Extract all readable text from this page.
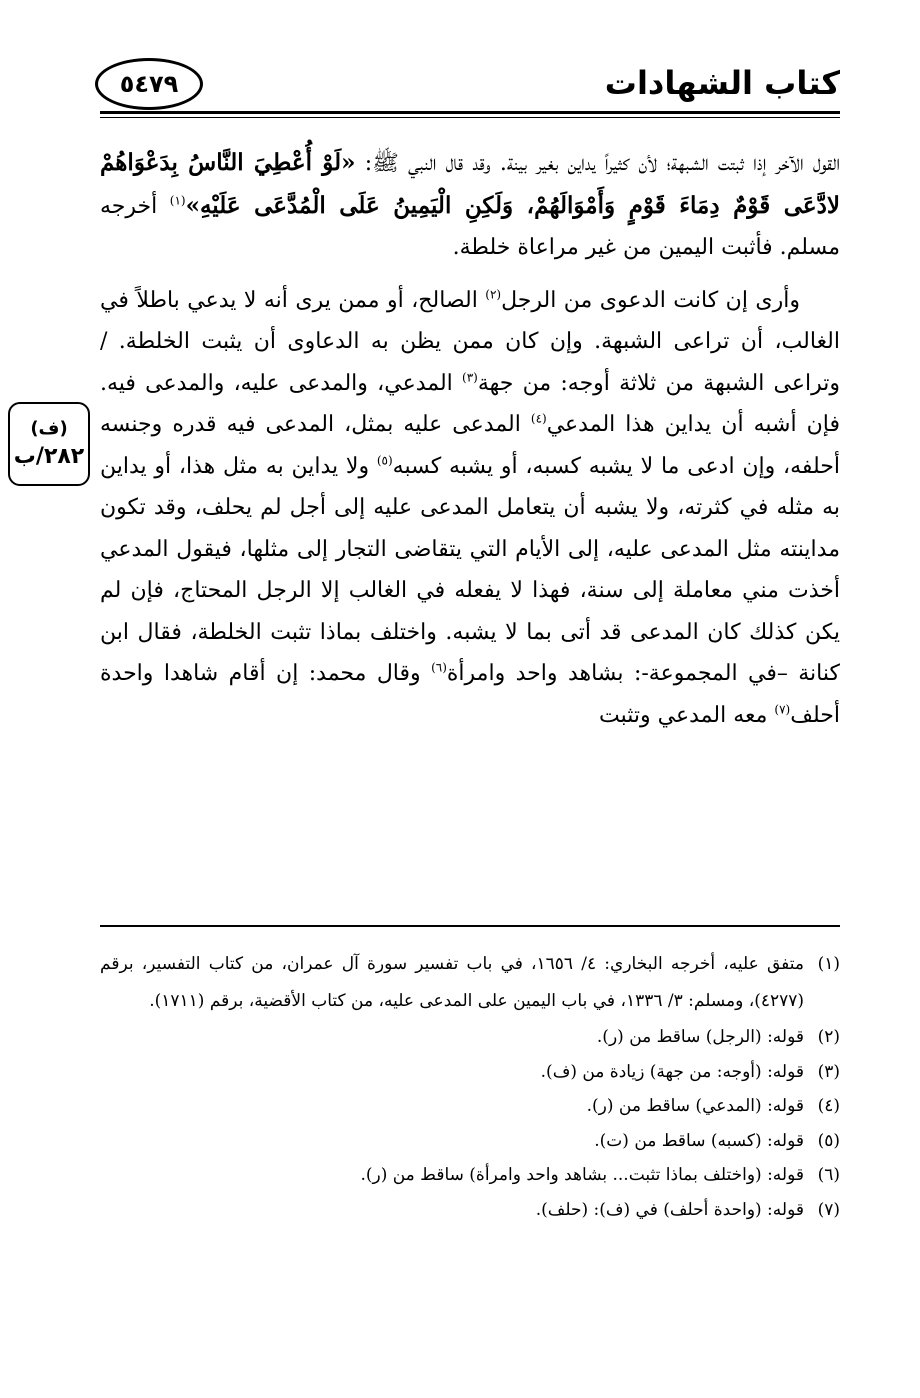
٥٤٧٩	كتاب الشهادات
(ف)
٢٨٢/ب

القول الآخر إذا ثبتت الشبهة؛ لأن كثيراً يداين بغير بينة. وقد قال النبي ﷺ: «لَوْ أُعْطِيَ النَّاسُ بِدَعْوَاهُمْ لادَّعَى قَوْمٌ دِمَاءَ قَوْمٍ وَأَمْوَالَهُمْ، وَلَكِنِ الْيَمِينُ عَلَى الْمُدَّعَى عَلَيْهِ»$^{(١)}$ أخرجه مسلم. فأثبت اليمين من غير مراعاة خلطة.

وأرى إن كانت الدعوى من الرجل$^{(٢)}$ الصالح، أو ممن يرى أنه لا يدعي باطلاً في الغالب، أن تراعى الشبهة. وإن كان ممن يظن به الدعاوى أن يثبت الخلطة. / وتراعى الشبهة من ثلاثة أوجه: من جهة$^{(٣)}$ المدعي، والمدعى عليه، والمدعى فيه. فإن أشبه أن يداين هذا المدعي$^{(٤)}$ المدعى عليه بمثل، المدعى فيه قدره وجنسه أحلفه، وإن ادعى ما لا يشبه كسبه، أو يشبه كسبه$^{(٥)}$ ولا يداين به مثل هذا، أو يداين به مثله في كثرته، ولا يشبه أن يتعامل المدعى عليه إلى أجل لم يحلف، وقد تكون مداينته مثل المدعى عليه، إلى الأيام التي يتقاضى التجار إلى مثلها، فيقول المدعي أخذت مني معاملة إلى سنة، فهذا لا يفعله في الغالب إلا الرجل المحتاج، فإن لم يكن كذلك كان المدعى قد أتى بما لا يشبه. واختلف بماذا تثبت الخلطة، فقال ابن كنانة –في المجموعة-: بشاهد واحد وامرأة$^{(٦)}$ وقال محمد: إن أقام شاهدا واحدة أحلف$^{(٧)}$ معه المدعي وتثبت

(١)
متفق عليه، أخرجه البخاري: ٤/ ١٦٥٦، في باب تفسير سورة آل عمران، من كتاب التفسير، برقم (٤٢٧٧)، ومسلم: ٣/ ١٣٣٦، في باب اليمين على المدعى عليه، من كتاب الأقضية، برقم (١٧١١).

(٢)
قوله: (الرجل) ساقط من (ر).

(٣)
قوله: (أوجه: من جهة) زيادة من (ف).

(٤)
قوله: (المدعي) ساقط من (ر).

(٥)
قوله: (كسبه) ساقط من (ت).

(٦)
قوله: (واختلف بماذا تثبت... بشاهد واحد وامرأة) ساقط من (ر).

(٧)
قوله: (واحدة أحلف) في (ف): (حلف).
